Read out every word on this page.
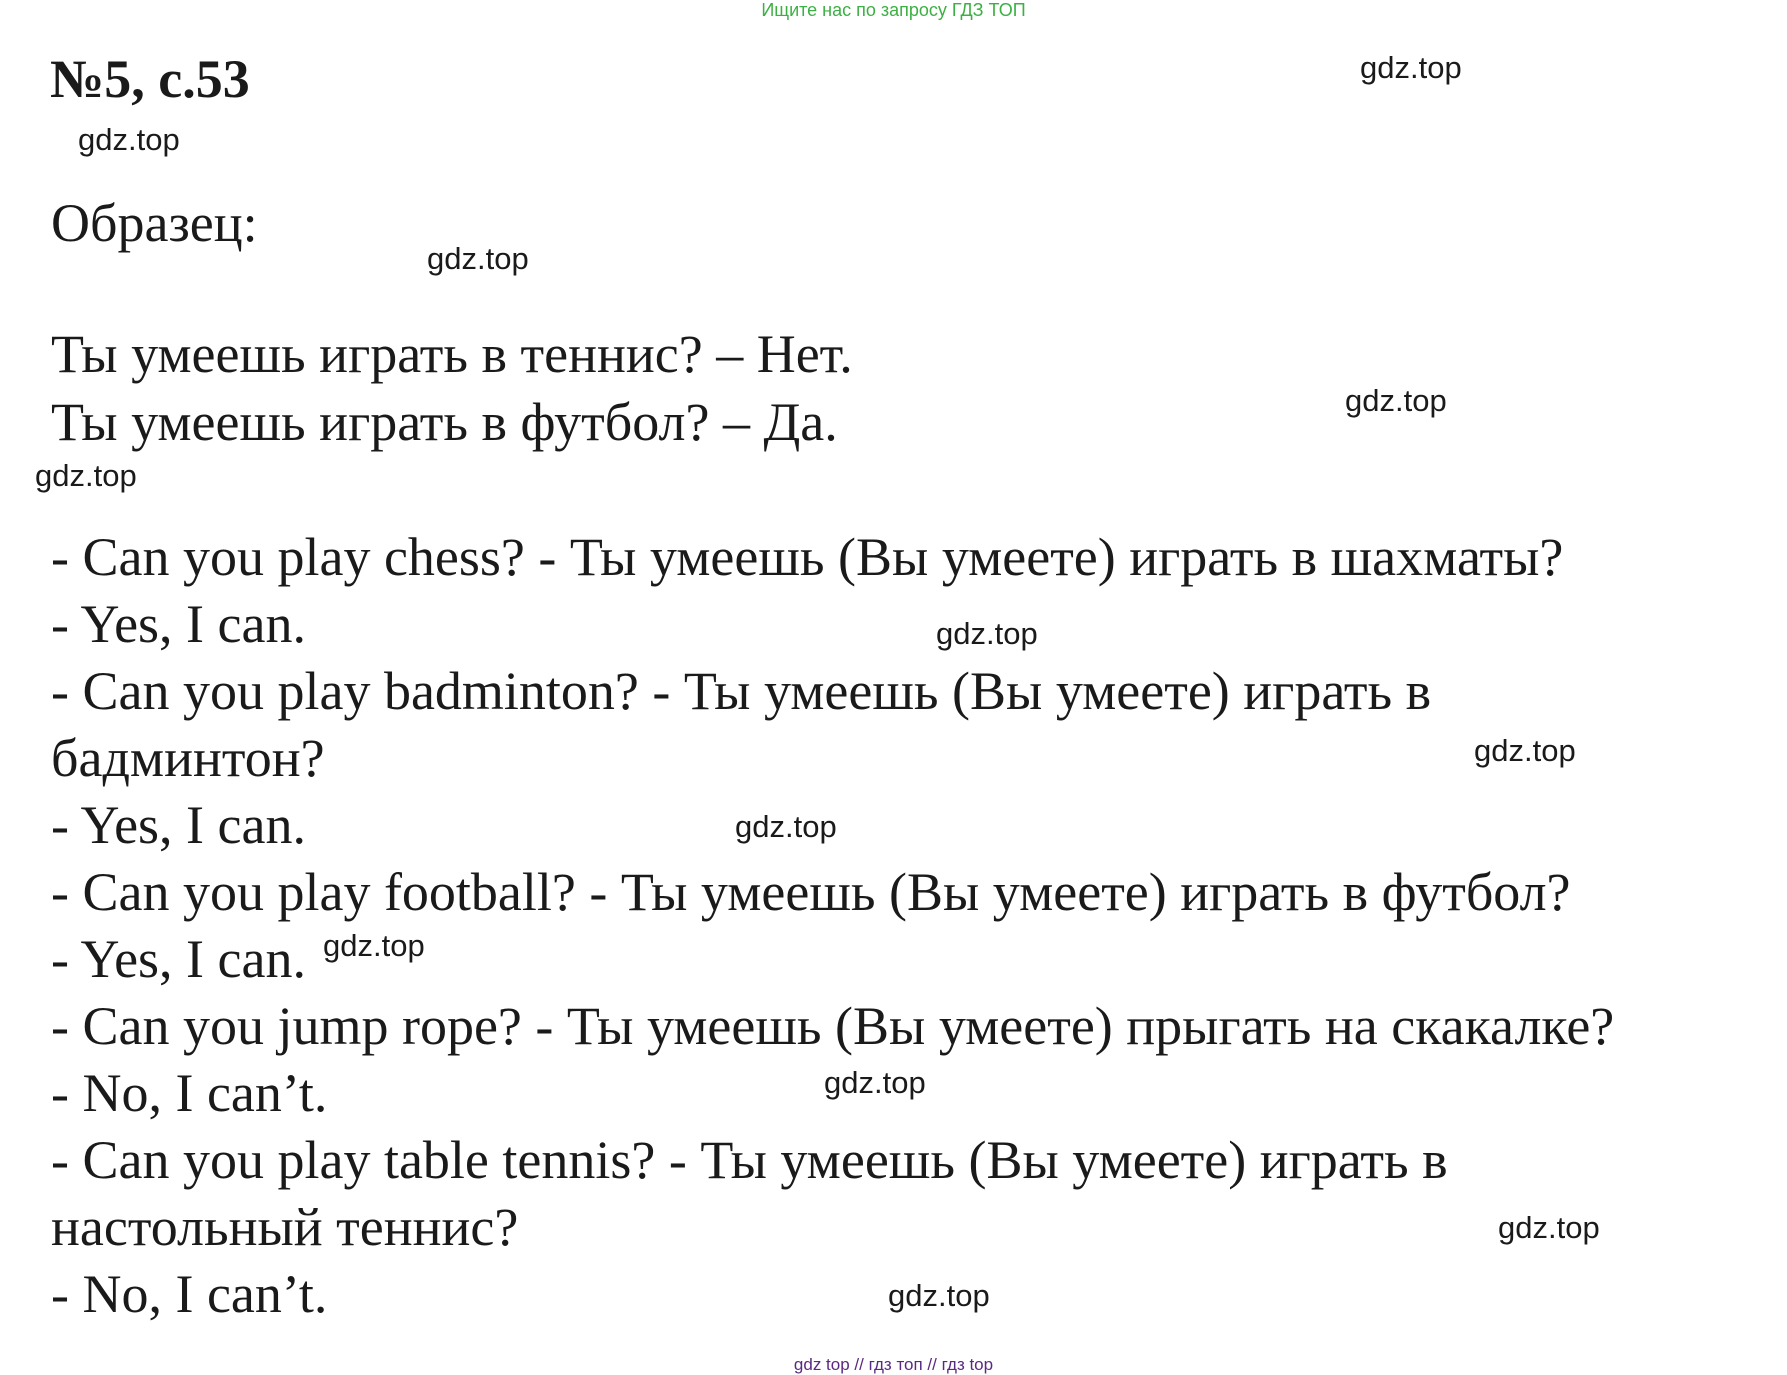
Ищите нас по запросу ГДЗ ТОП
№5, с.53
Образец:
Ты умеешь играть в теннис? – Нет.
Ты умеешь играть в футбол? – Да.
- Can you play chess? - Ты умеешь (Вы умеете) играть в шахматы?
- Yes, I can.
- Can you play badminton? - Ты умеешь (Вы умеете) играть в
бадминтон?
- Yes, I can.
- Can you play football? - Ты умеешь (Вы умеете) играть в футбол?
- Yes, I can.
- Can you jump rope? - Ты умеешь (Вы умеете) прыгать на скакалке?
- No, I can’t.
- Can you play table tennis? - Ты умеешь (Вы умеете) играть в
настольный теннис?
- No, I can’t.
gdz.top
gdz.top
gdz.top
gdz.top
gdz.top
gdz.top
gdz.top
gdz.top
gdz.top
gdz.top
gdz.top
gdz.top
gdz top // гдз топ // гдз top
